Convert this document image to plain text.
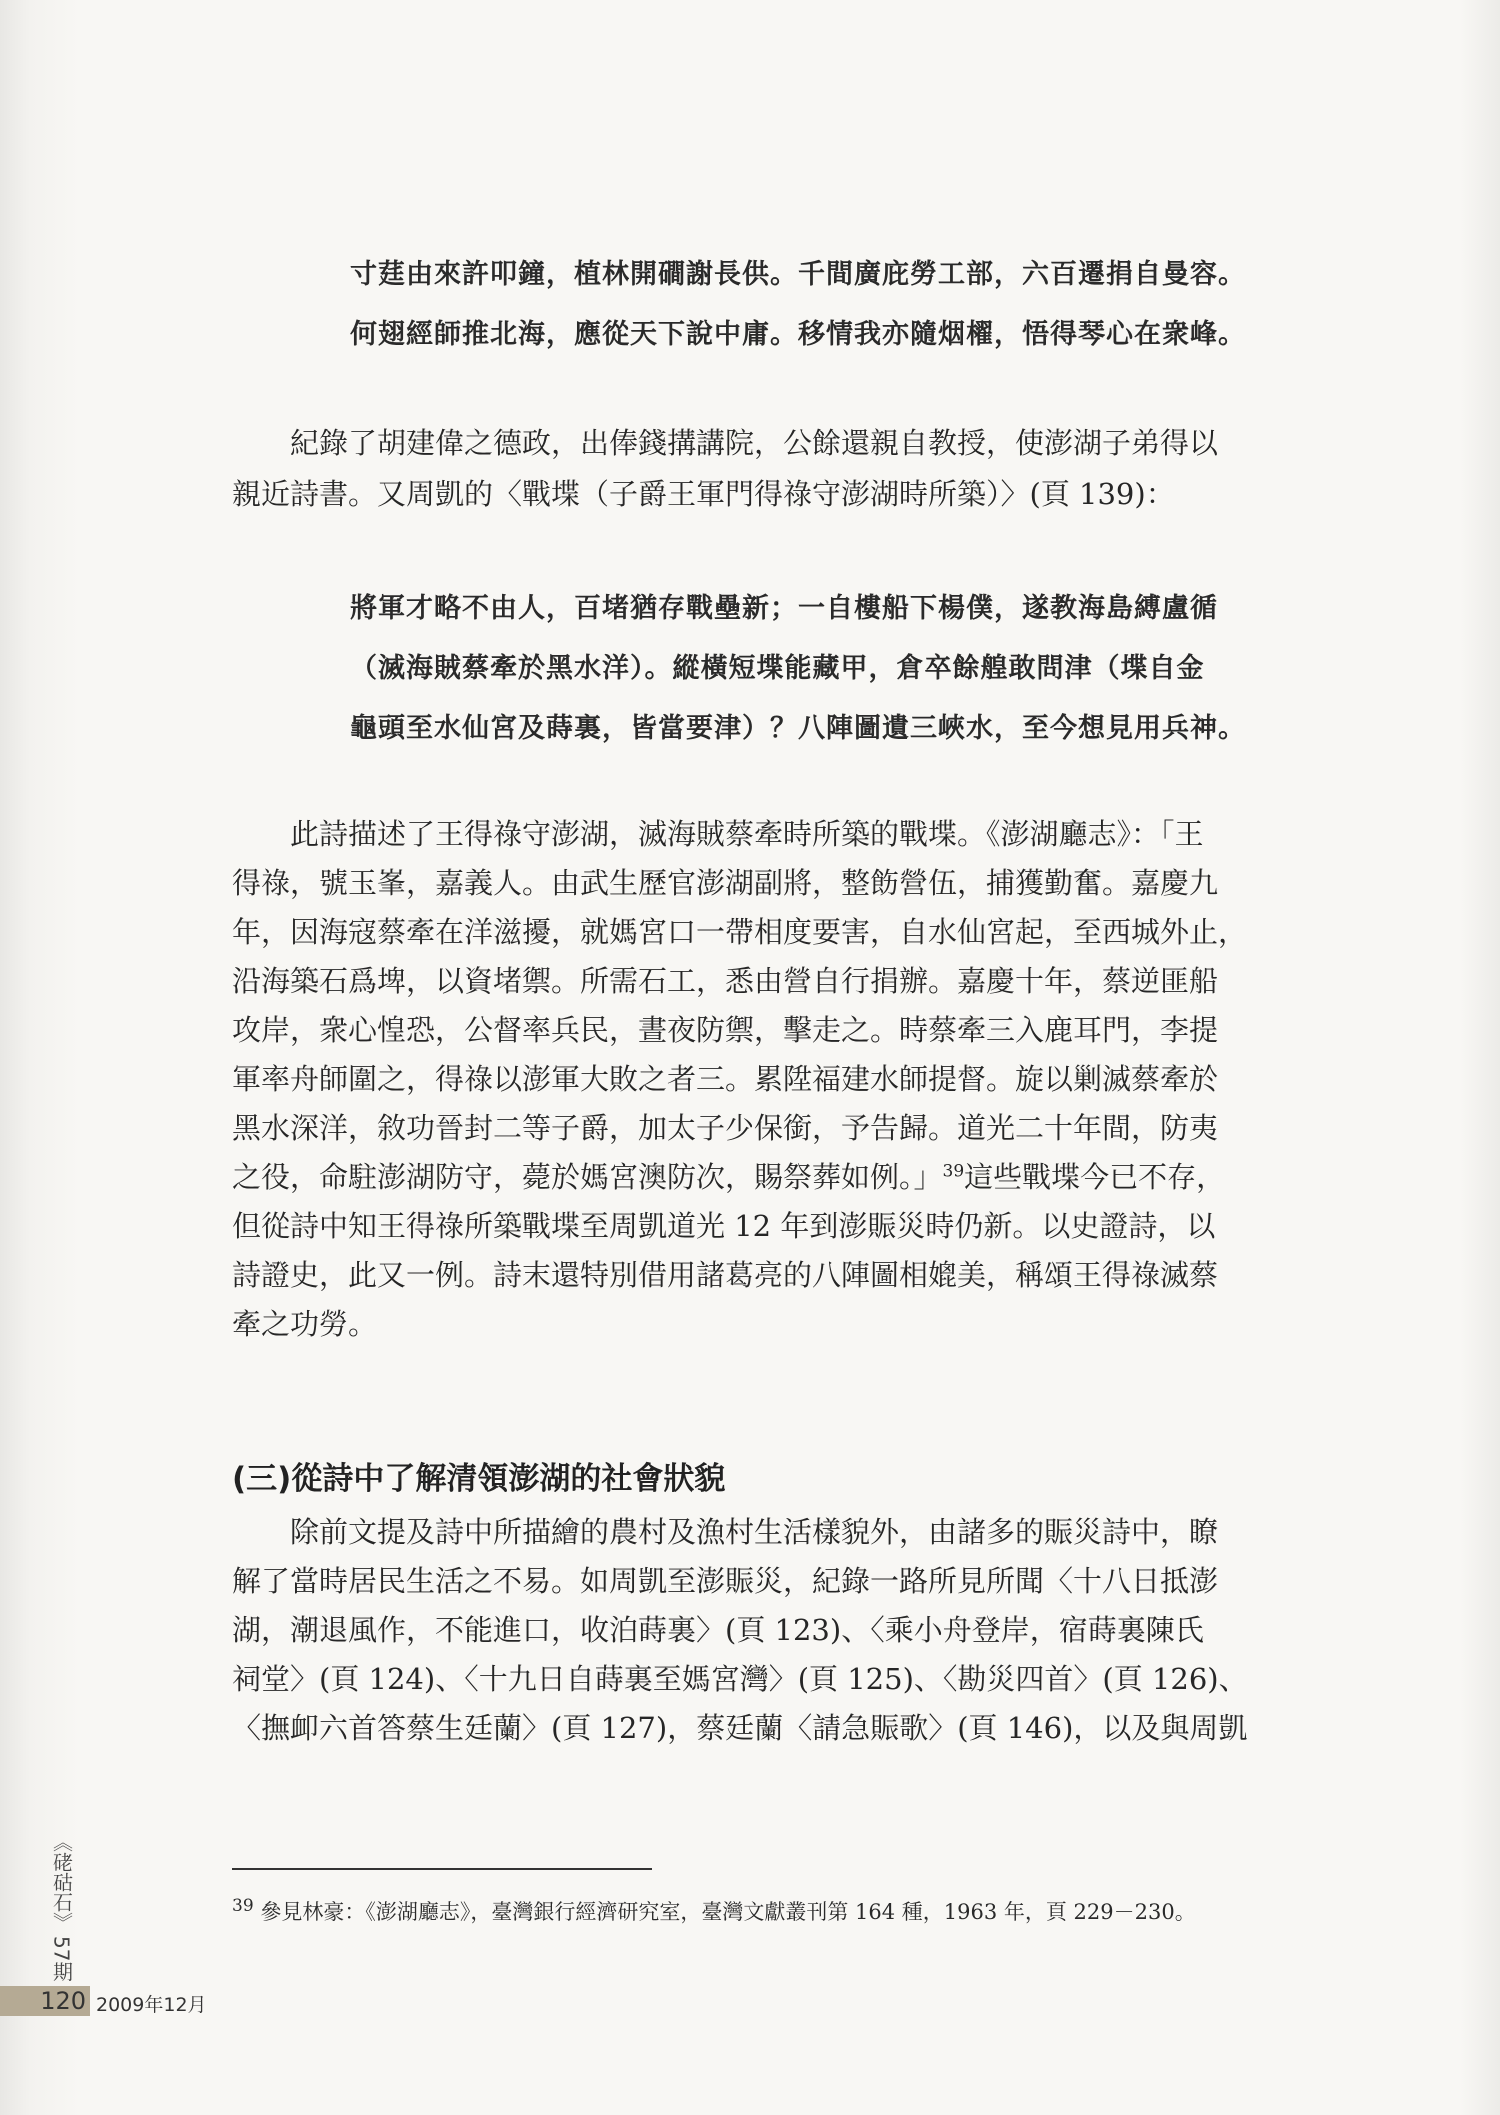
寸莛由來許叩鐘，植林開磵謝長供。千間廣庇勞工部，六百遷捐自曼容。

何翅經師推北海，應從天下說中庸。移情我亦隨烟櫂，悟得琴心在衆峰。

紀錄了胡建偉之德政，出俸錢搆講院，公餘還親自教授，使澎湖子弟得以

親近詩書。又周凱的〈戰堞（子爵王軍門得祿守澎湖時所築）〉(頁 139)：

將軍才略不由人，百堵猶存戰壘新；一自樓船下楊僕，遂教海島縛盧循

（滅海賊蔡牽於黑水洋）。縱橫短堞能藏甲，倉卒餘艎敢問津（堞自金

龜頭至水仙宮及蒔裏，皆當要津）？八陣圖遺三峽水，至今想見用兵神。

此詩描述了王得祿守澎湖，滅海賊蔡牽時所築的戰堞。《澎湖廳志》：「王

得祿，號玉峯，嘉義人。由武生歷官澎湖副將，整飭營伍，捕獲勤奮。嘉慶九

年，因海寇蔡牽在洋滋擾，就媽宮口一帶相度要害，自水仙宮起，至西城外止，

沿海築石爲埤，以資堵禦。所需石工，悉由營自行捐辦。嘉慶十年，蔡逆匪船

攻岸，衆心惶恐，公督率兵民，晝夜防禦，擊走之。時蔡牽三入鹿耳門，李提

軍率舟師圍之，得祿以澎軍大敗之者三。累陞福建水師提督。旋以剿滅蔡牽於

黑水深洋，敘功晉封二等子爵，加太子少保銜，予告歸。道光二十年間，防夷

之役，命駐澎湖防守，薨於媽宮澳防次，賜祭葬如例。」$^{39}$這些戰堞今已不存，

但從詩中知王得祿所築戰堞至周凱道光 12 年到澎賑災時仍新。以史證詩，以

詩證史，此又一例。詩末還特別借用諸葛亮的八陣圖相媲美，稱頌王得祿滅蔡

牽之功勞。

(三)從詩中了解清領澎湖的社會狀貌

除前文提及詩中所描繪的農村及漁村生活樣貌外，由諸多的賑災詩中，瞭

解了當時居民生活之不易。如周凱至澎賑災，紀錄一路所見所聞〈十八日抵澎

湖，潮退風作，不能進口，收泊蒔裏〉(頁 123)、〈乘小舟登岸，宿蒔裏陳氏

祠堂〉(頁 124)、〈十九日自蒔裏至媽宮灣〉(頁 125)、〈勘災四首〉(頁 126)、

〈撫卹六首答蔡生廷蘭〉(頁 127)，蔡廷蘭〈請急賑歌〉(頁 146)，以及與周凱

$^{39}$ 參見林豪：《澎湖廳志》，臺灣銀行經濟研究室，臺灣文獻叢刊第 164 種，1963 年，頁 229－230。
《硓𥑮石》
57期
120 2009年12月
